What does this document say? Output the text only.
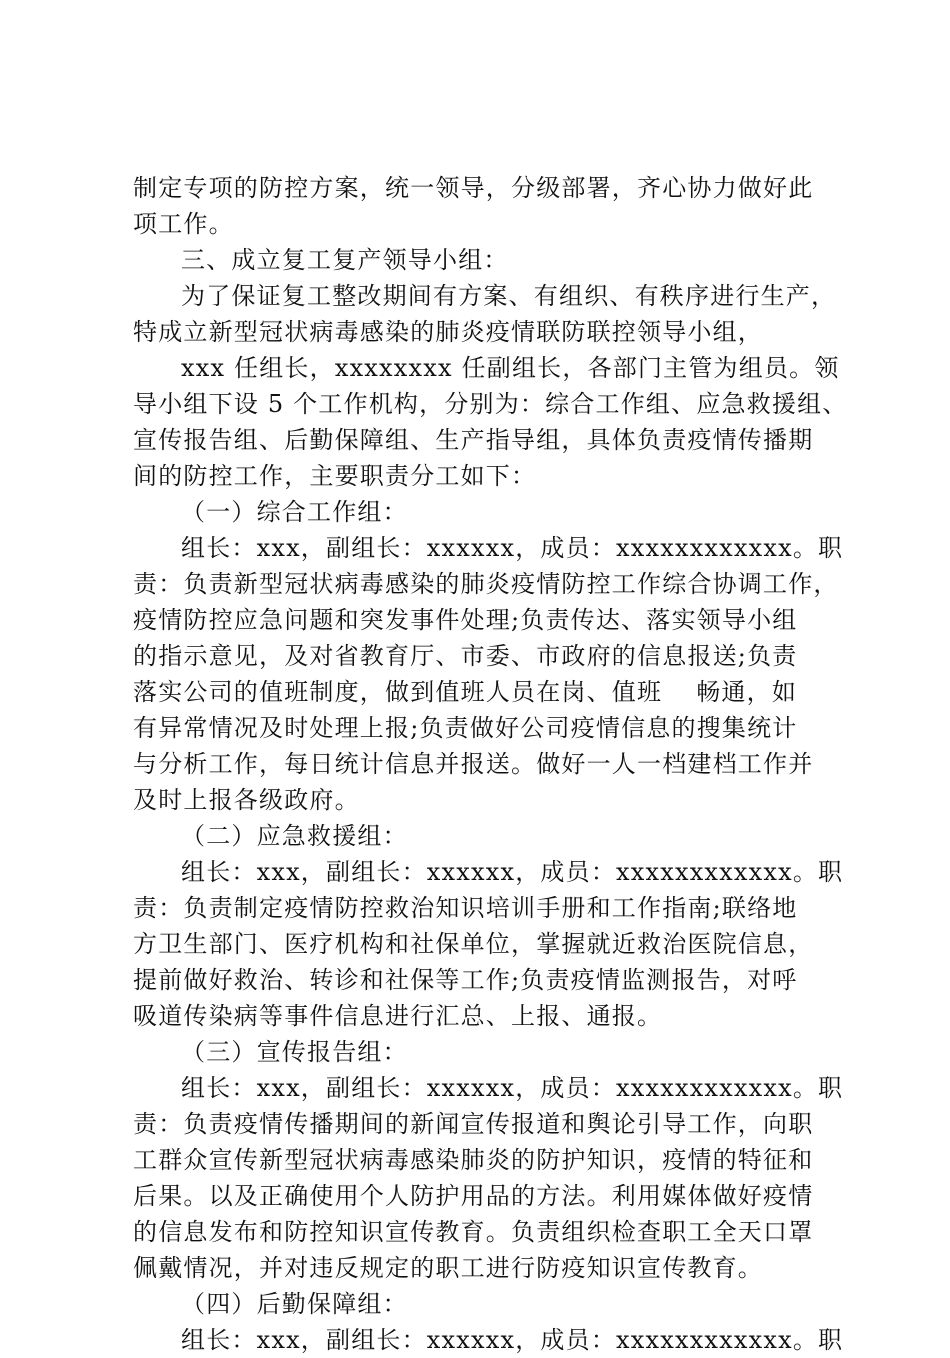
制定专项的防控方案，统一领导，分级部署，齐心协力做好此
项工作。
三、成立复工复产领导小组：
为了保证复工整改期间有方案、有组织、有秩序进行生产，
特成立新型冠状病毒感染的肺炎疫情联防联控领导小组，
xxx 任组长，xxxxxxxx 任副组长，各部门主管为组员。领
导小组下设 5 个工作机构，分别为：综合工作组、应急救援组、
宣传报告组、后勤保障组、生产指导组，具体负责疫情传播期
间的防控工作，主要职责分工如下：
（一）综合工作组：
组长：xxx，副组长：xxxxxx，成员：xxxxxxxxxxxx。职
责：负责新型冠状病毒感染的肺炎疫情防控工作综合协调工作，
疫情防控应急问题和突发事件处理;负责传达、落实领导小组
的指示意见，及对省教育厅、市委、市政府的信息报送;负责
落实公司的值班制度，做到值班人员在岗、值班　 畅通，如
有异常情况及时处理上报;负责做好公司疫情信息的搜集统计
与分析工作，每日统计信息并报送。做好一人一档建档工作并
及时上报各级政府。
（二）应急救援组：
组长：xxx，副组长：xxxxxx，成员：xxxxxxxxxxxx。职
责：负责制定疫情防控救治知识培训手册和工作指南;联络地
方卫生部门、医疗机构和社保单位，掌握就近救治医院信息，
提前做好救治、转诊和社保等工作;负责疫情监测报告，对呼
吸道传染病等事件信息进行汇总、上报、通报。
（三）宣传报告组：
组长：xxx，副组长：xxxxxx，成员：xxxxxxxxxxxx。职
责：负责疫情传播期间的新闻宣传报道和舆论引导工作，向职
工群众宣传新型冠状病毒感染肺炎的防护知识，疫情的特征和
后果。以及正确使用个人防护用品的方法。利用媒体做好疫情
的信息发布和防控知识宣传教育。负责组织检查职工全天口罩
佩戴情况，并对违反规定的职工进行防疫知识宣传教育。
（四）后勤保障组：
组长：xxx，副组长：xxxxxx，成员：xxxxxxxxxxxx。职
